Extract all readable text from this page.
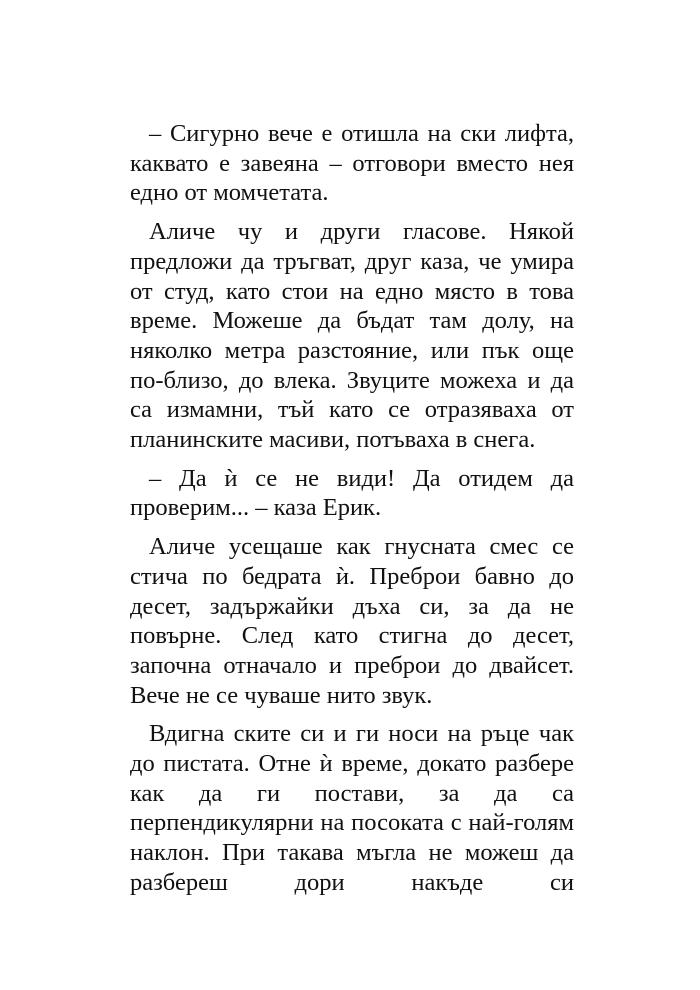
– Сигурно вече е отишла на ски лифта, каквато е завеяна – отговори вместо нея едно от момчетата.

Аличе чу и други гласове. Някой предложи да тръгват, друг каза, че умира от студ, като стои на едно място в това време. Можеше да бъдат там долу, на няколко метра разстояние, или пък още по-близо, до влека. Звуците можеха и да са измамни, тъй като се отразяваха от планинските масиви, потъваха в снега.

– Да ѝ се не види! Да отидем да проверим... – каза Ерик.

Аличе усещаше как гнусната смес се стича по бедрата ѝ. Преброи бавно до десет, задържайки дъха си, за да не повърне. След като стигна до десет, започна отначало и преброи до двайсет. Вече не се чуваше нито звук.

Вдигна ските си и ги носи на ръце чак до пистата. Отне ѝ време, докато разбере как да ги постави, за да са перпендикулярни на посоката с най-голям наклон. При такава мъгла не можеш да разбереш дори накъде си
